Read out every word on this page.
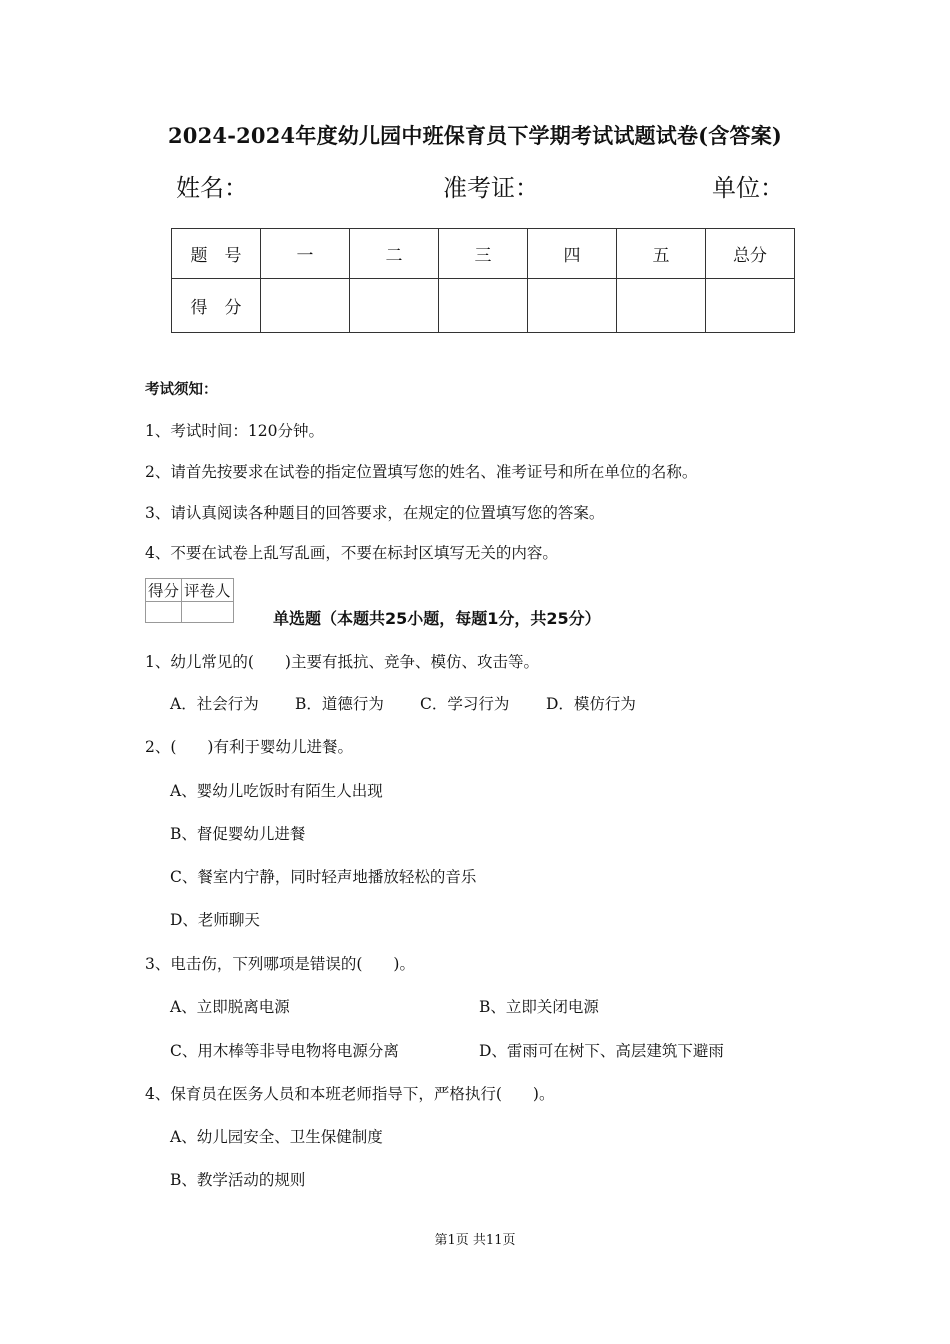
2024-2024年度幼儿园中班保育员下学期考试试题试卷(含答案)
姓名：	准考证：	单位：
题　号	一	二	三	四	五	总分
得　分						
考试须知：
1、考试时间：120分钟。
2、请首先按要求在试卷的指定位置填写您的姓名、准考证号和所在单位的名称。
3、请认真阅读各种题目的回答要求，在规定的位置填写您的答案。
4、不要在试卷上乱写乱画，不要在标封区填写无关的内容。
得分	评卷人

单选题（本题共25小题，每题1分，共25分）
1、幼儿常见的(　　)主要有抵抗、竞争、模仿、攻击等。
A．社会行为 B．道德行为 C．学习行为 D．模仿行为
2、(　　)有利于婴幼儿进餐。
A、婴幼儿吃饭时有陌生人出现
B、督促婴幼儿进餐
C、餐室内宁静，同时轻声地播放轻松的音乐
D、老师聊天
3、电击伤，下列哪项是错误的(　　)。
A、立即脱离电源	B、立即关闭电源
C、用木棒等非导电物将电源分离	D、雷雨可在树下、高层建筑下避雨
4、保育员在医务人员和本班老师指导下，严格执行(　　)。
A、幼儿园安全、卫生保健制度
B、教学活动的规则
第1页 共11页
